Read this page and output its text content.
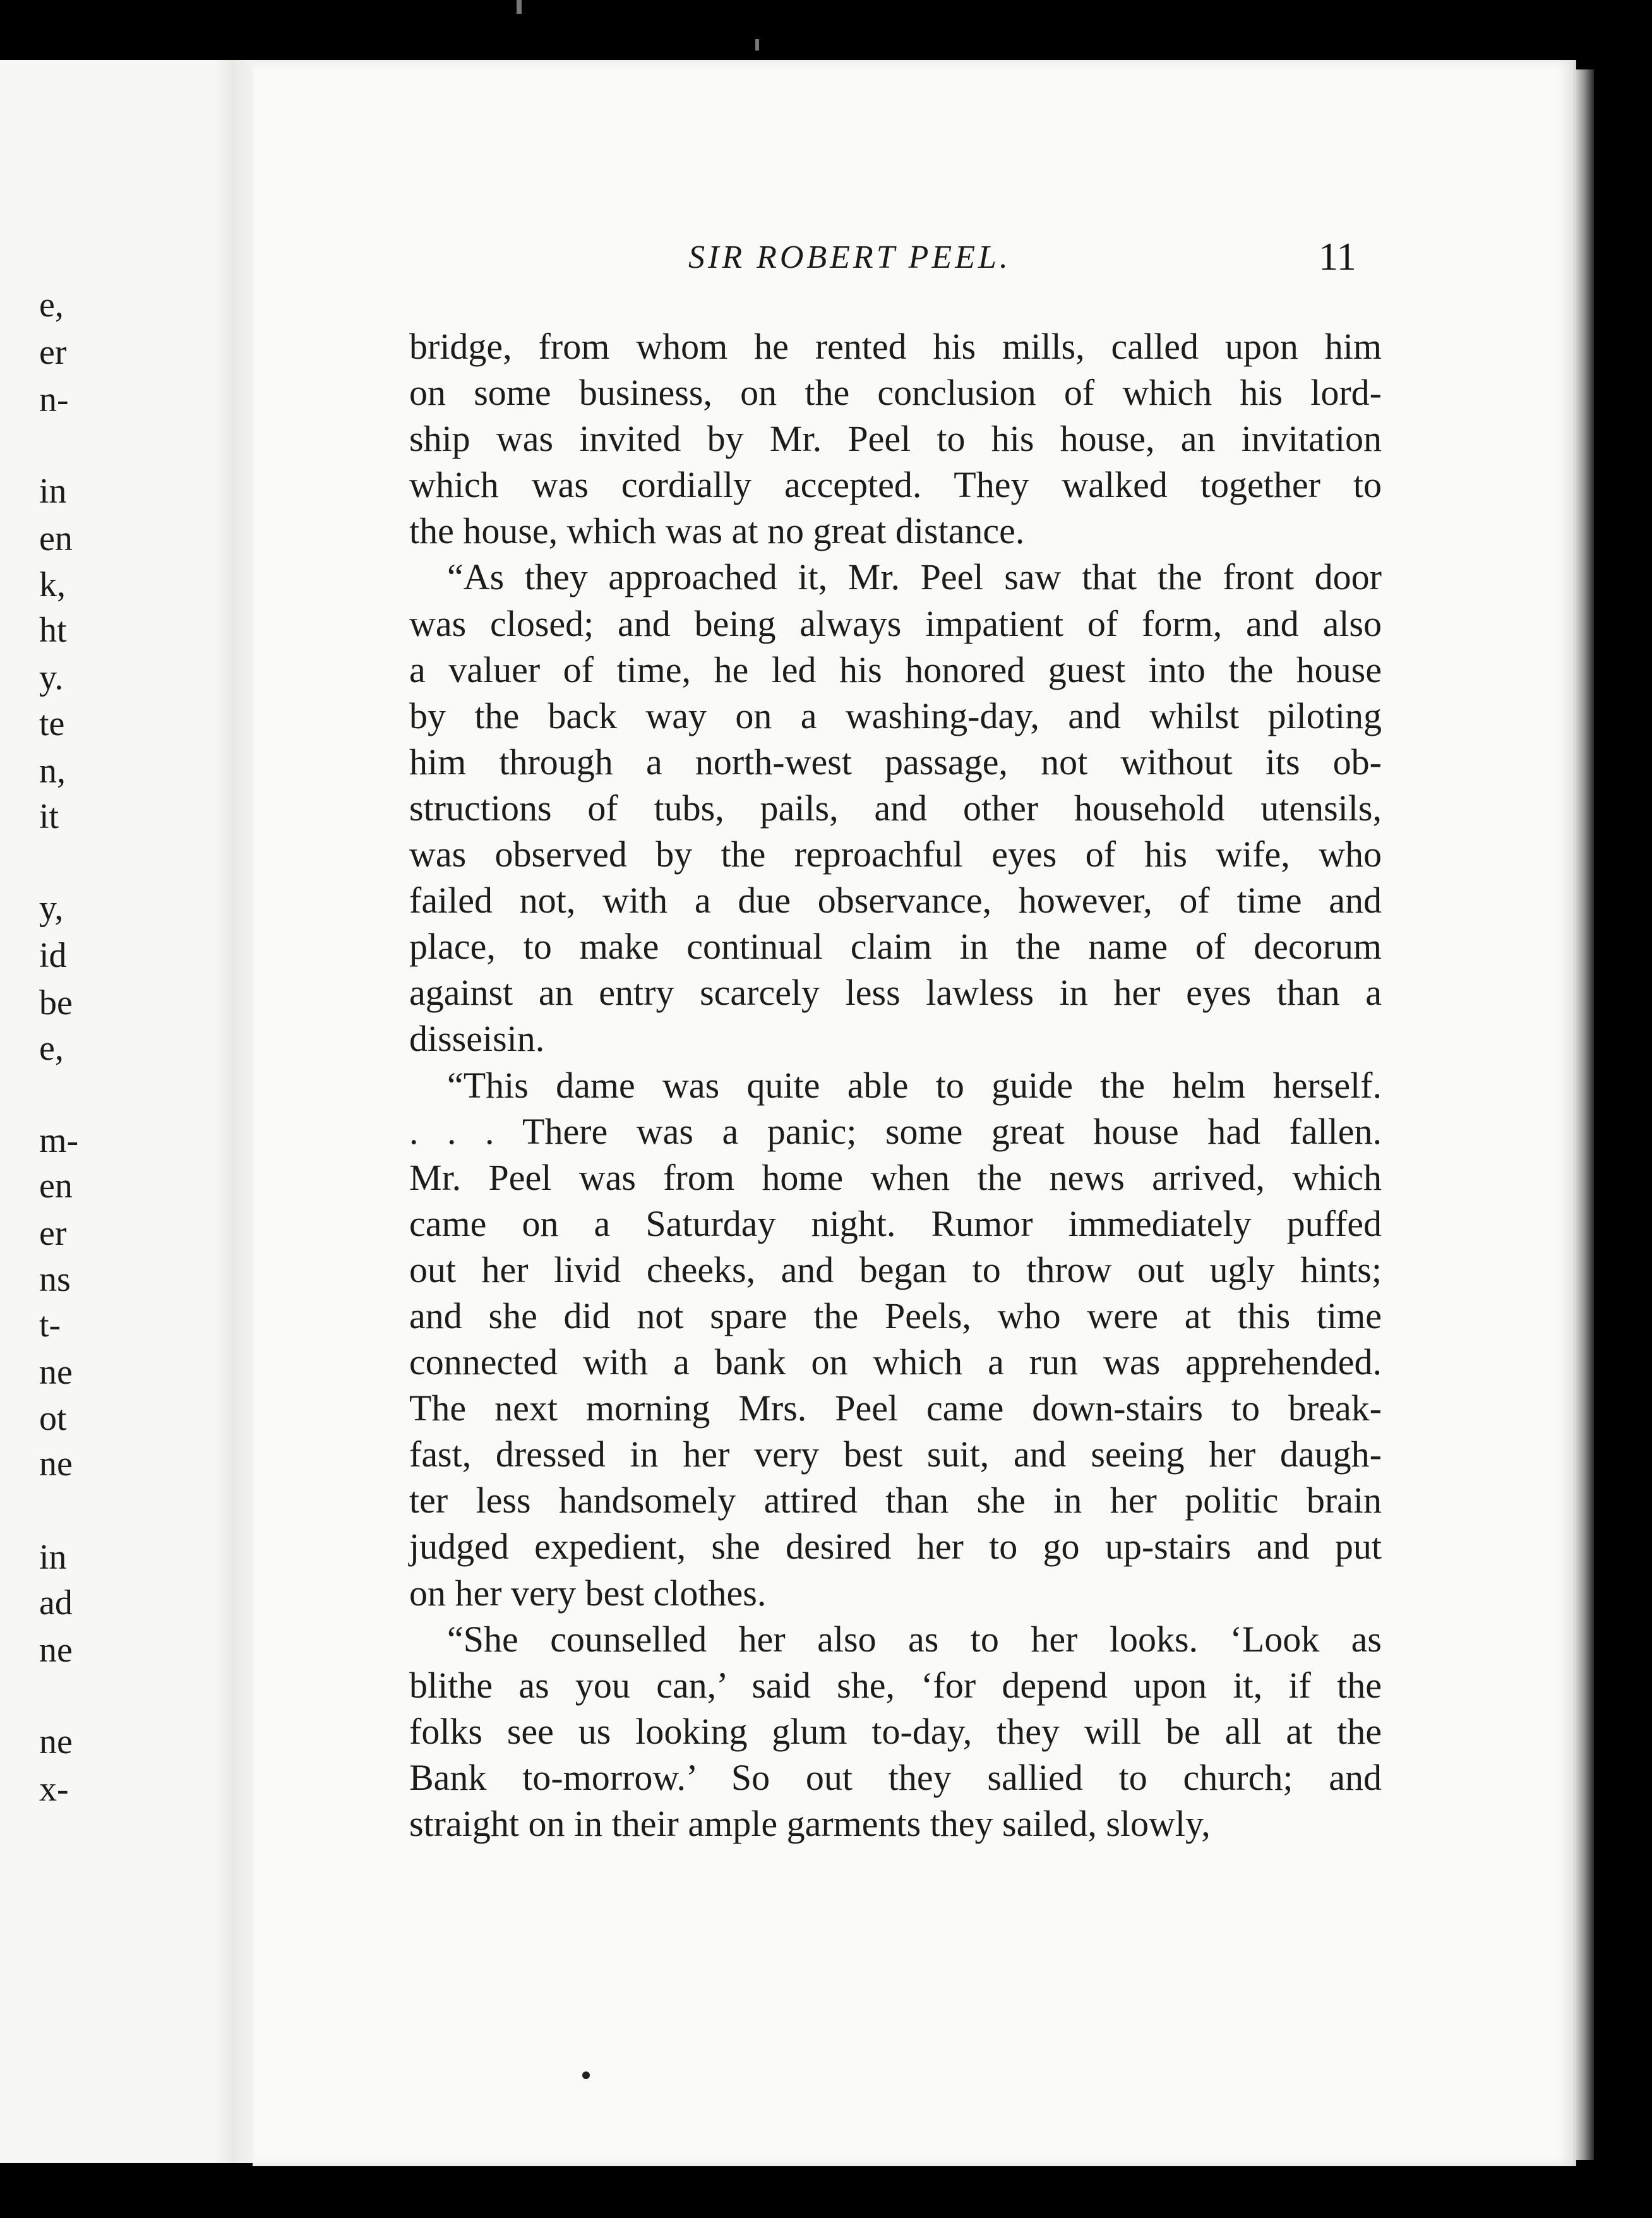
e,
er
n-
in
en
k,
ht
y.
te
n,
it
y,
id
be
e,
m-
en
er
ns
t-
ne
ot
ne
in
ad
ne
ne
x-
SIR ROBERT PEEL.	11
bridge, from whom he rented his mills, called upon him
on some business, on the conclusion of which his lord-
ship was invited by Mr. Peel to his house, an invitation
which was cordially accepted. They walked together to
the house, which was at no great distance.
“As they approached it, Mr. Peel saw that the front door
was closed; and being always impatient of form, and also
a valuer of time, he led his honored guest into the house
by the back way on a washing-day, and whilst piloting
him through a north-west passage, not without its ob-
structions of tubs, pails, and other household utensils,
was observed by the reproachful eyes of his wife, who
failed not, with a due observance, however, of time and
place, to make continual claim in the name of decorum
against an entry scarcely less lawless in her eyes than a
disseisin.
“This dame was quite able to guide the helm herself.
. . . There was a panic; some great house had fallen.
Mr. Peel was from home when the news arrived, which
came on a Saturday night. Rumor immediately puffed
out her livid cheeks, and began to throw out ugly hints;
and she did not spare the Peels, who were at this time
connected with a bank on which a run was apprehended.
The next morning Mrs. Peel came down-stairs to break-
fast, dressed in her very best suit, and seeing her daugh-
ter less handsomely attired than she in her politic brain
judged expedient, she desired her to go up-stairs and put
on her very best clothes.
“She counselled her also as to her looks. ‘Look as
blithe as you can,’ said she, ‘for depend upon it, if the
folks see us looking glum to-day, they will be all at the
Bank to-morrow.’ So out they sallied to church; and
straight on in their ample garments they sailed, slowly,
